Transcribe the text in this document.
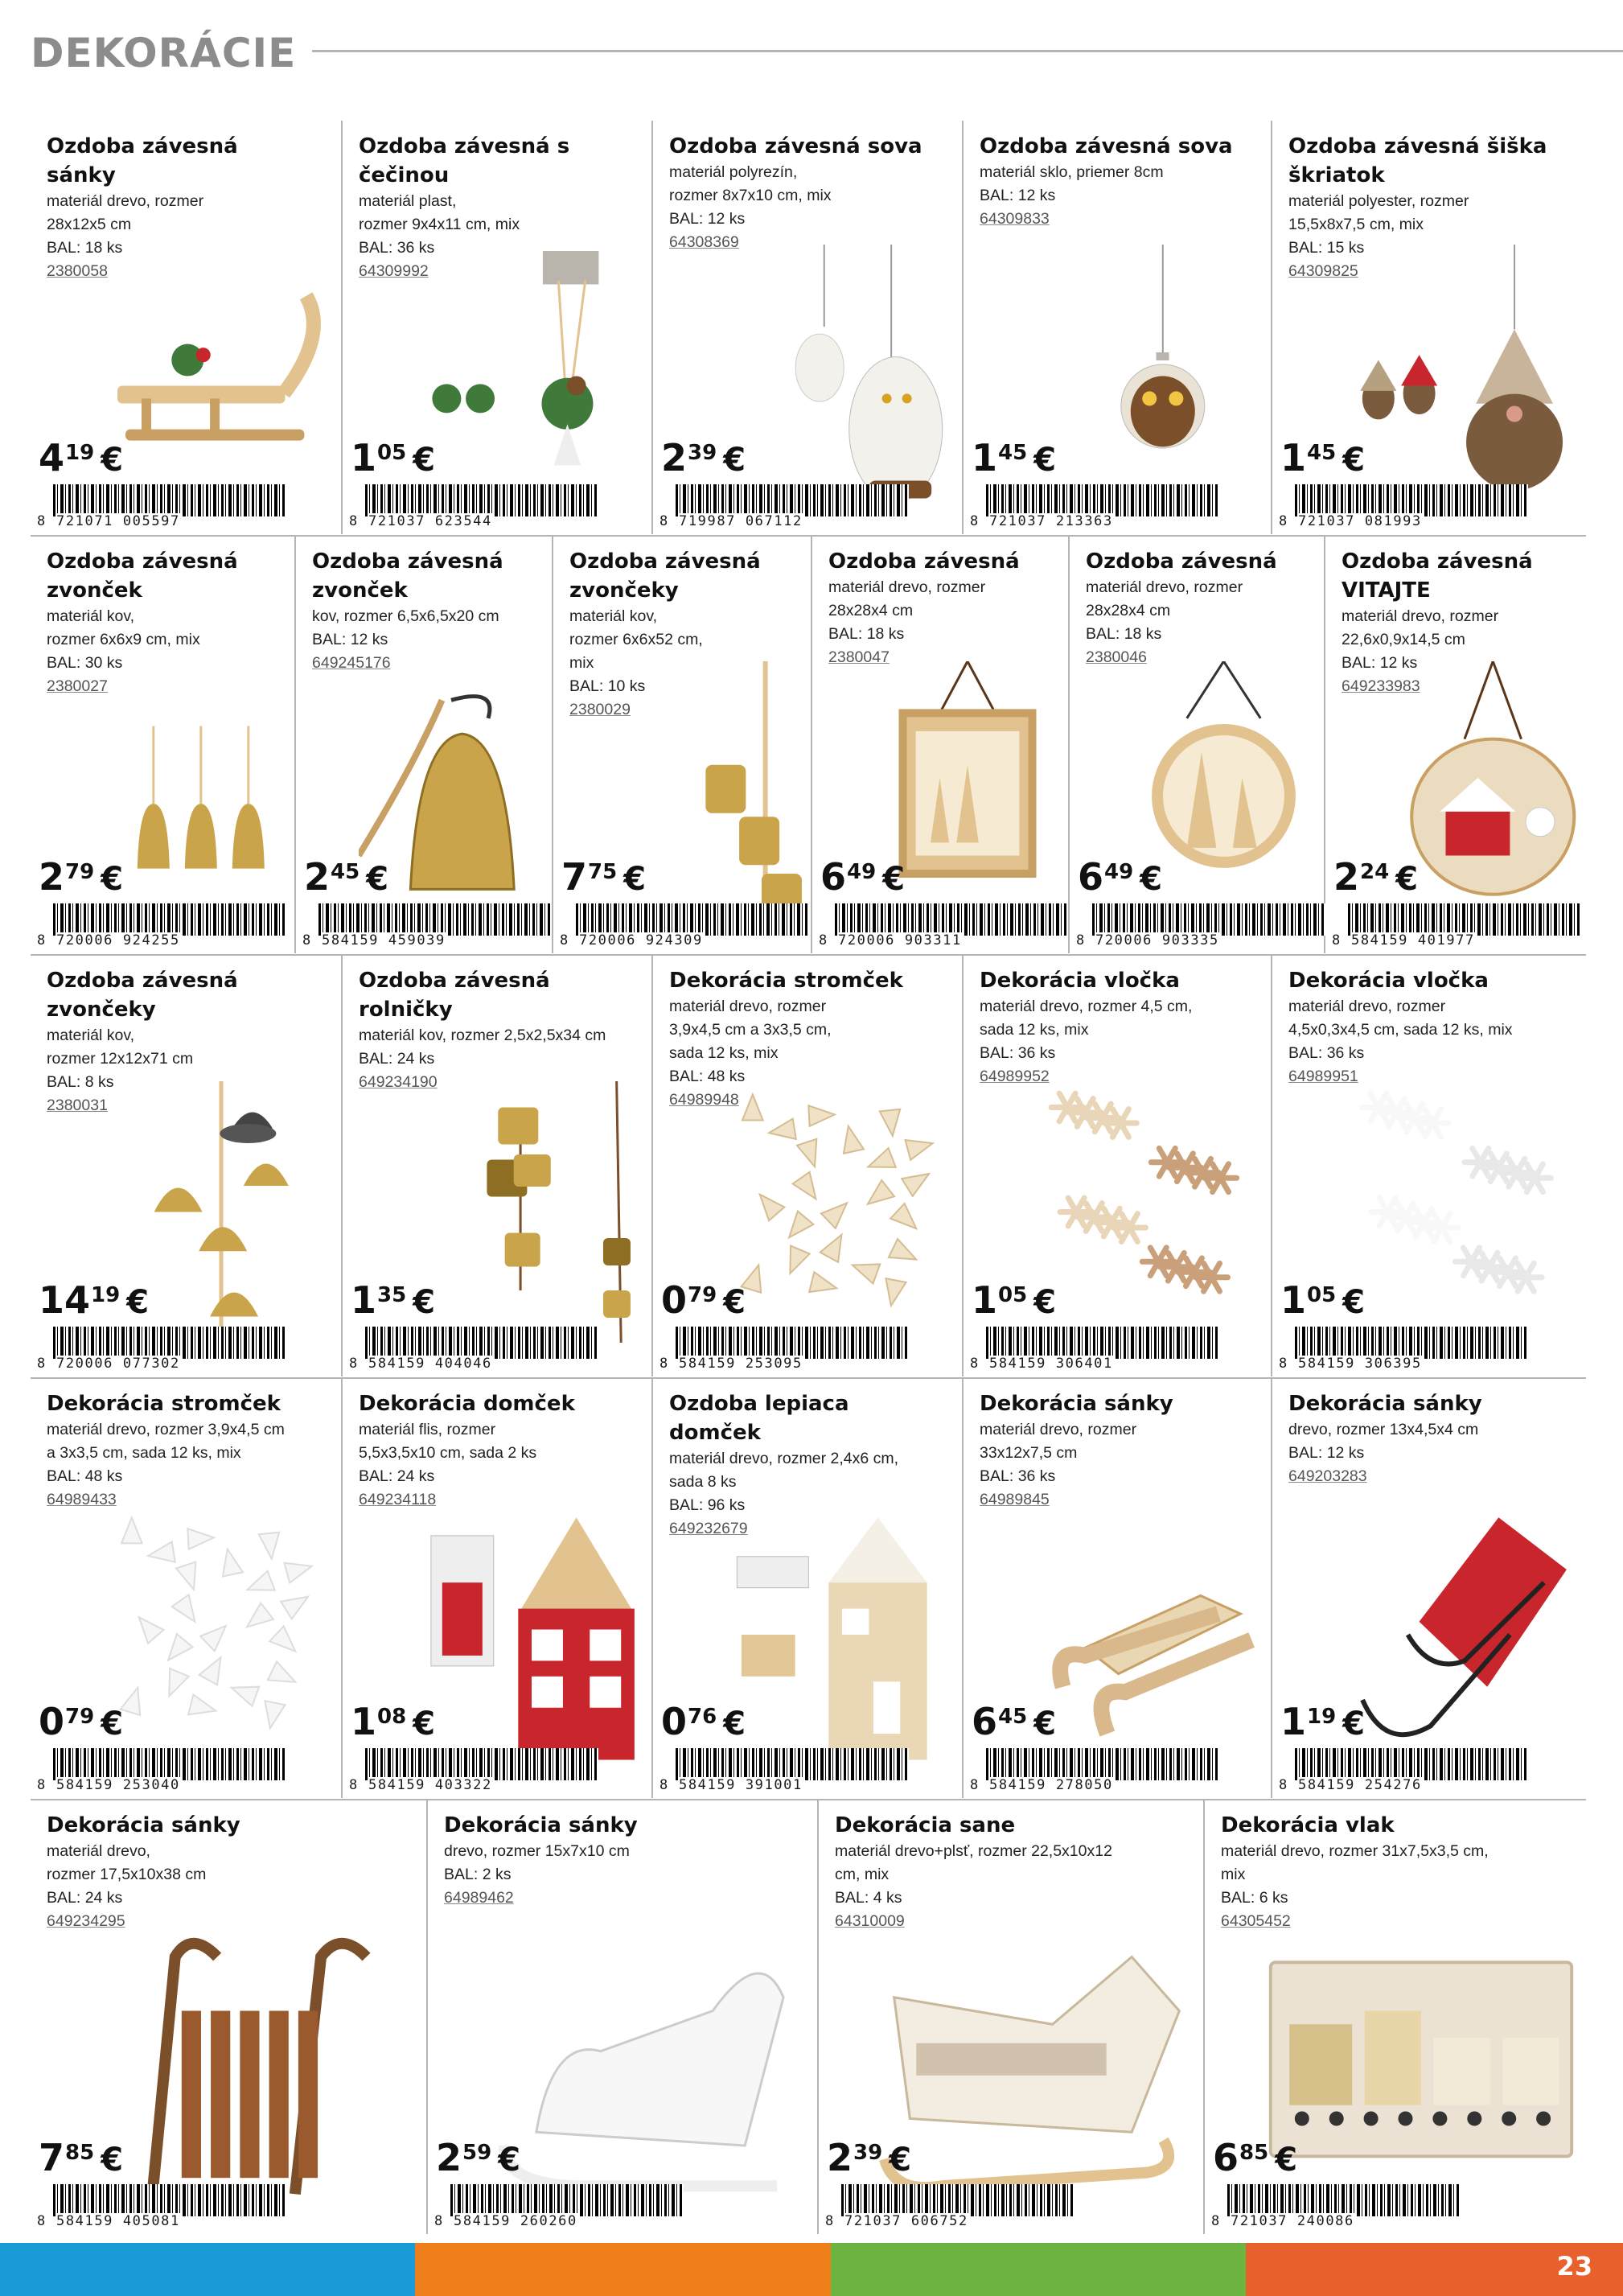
DEKORÁCIE
Ozdoba závesná sánky
materiál drevo, rozmer
28x12x5 cm
BAL: 18 ks
2380058
419 €
8 721071 005597
Ozdoba závesná s čečinou
materiál plast,
rozmer 9x4x11 cm, mix
BAL: 36 ks
64309992
105 €
8 721037 623544
Ozdoba závesná sova
materiál polyrezín,
rozmer 8x7x10 cm, mix
BAL: 12 ks
64308369
239 €
8 719987 067112
Ozdoba závesná sova
materiál sklo, priemer 8cm
BAL: 12 ks
64309833
145 €
8 721037 213363
Ozdoba závesná šiška škriatok
materiál polyester, rozmer
15,5x8x7,5 cm, mix
BAL: 15 ks
64309825
145 €
8 721037 081993
Ozdoba závesná zvonček
materiál kov,
rozmer 6x6x9 cm, mix
BAL: 30 ks
2380027
279 €
8 720006 924255
Ozdoba závesná zvonček
kov, rozmer 6,5x6,5x20 cm
BAL: 12 ks
649245176
245 €
8 584159 459039
Ozdoba závesná zvončeky
materiál kov,
rozmer 6x6x52 cm,
mix
BAL: 10 ks
2380029
775 €
8 720006 924309
Ozdoba závesná
materiál drevo, rozmer
28x28x4 cm
BAL: 18 ks
2380047
649 €
8 720006 903311
Ozdoba závesná
materiál drevo, rozmer
28x28x4 cm
BAL: 18 ks
2380046
649 €
8 720006 903335
Ozdoba závesná VITAJTE
materiál drevo, rozmer
22,6x0,9x14,5 cm
BAL: 12 ks
649233983
224 €
8 584159 401977
Ozdoba závesná zvončeky
materiál kov,
rozmer 12x12x71 cm
BAL: 8 ks
2380031
1419 €
8 720006 077302
Ozdoba závesná rolničky
materiál kov, rozmer 2,5x2,5x34 cm
BAL: 24 ks
649234190
135 €
8 584159 404046
Dekorácia stromček
materiál drevo, rozmer
3,9x4,5 cm a 3x3,5 cm,
sada 12 ks, mix
BAL: 48 ks
64989948
079 €
8 584159 253095
Dekorácia vločka
materiál drevo, rozmer 4,5 cm,
sada 12 ks, mix
BAL: 36 ks
64989952
105 €
8 584159 306401
Dekorácia vločka
materiál drevo, rozmer
4,5x0,3x4,5 cm, sada 12 ks, mix
BAL: 36 ks
64989951
105 €
8 584159 306395
Dekorácia stromček
materiál drevo, rozmer 3,9x4,5 cm
a 3x3,5 cm, sada 12 ks, mix
BAL: 48 ks
64989433
079 €
8 584159 253040
Dekorácia domček
materiál flis, rozmer
5,5x3,5x10 cm, sada 2 ks
BAL: 24 ks
649234118
108 €
8 584159 403322
Ozdoba lepiaca domček
materiál drevo, rozmer 2,4x6 cm,
sada 8 ks
BAL: 96 ks
649232679
076 €
8 584159 391001
Dekorácia sánky
materiál drevo, rozmer
33x12x7,5 cm
BAL: 36 ks
64989845
645 €
8 584159 278050
Dekorácia sánky
drevo, rozmer 13x4,5x4 cm
BAL: 12 ks
649203283
119 €
8 584159 254276
Dekorácia sánky
materiál drevo,
rozmer 17,5x10x38 cm
BAL: 24 ks
649234295
785 €
8 584159 405081
Dekorácia sánky
drevo, rozmer 15x7x10 cm
BAL: 2 ks
64989462
259 €
8 584159 260260
Dekorácia sane
materiál drevo+plsť, rozmer 22,5x10x12 cm, mix
BAL: 4 ks
64310009
239 €
8 721037 606752
Dekorácia vlak
materiál drevo, rozmer 31x7,5x3,5 cm,
mix
BAL: 6 ks
64305452
685 €
8 721037 240086
23
